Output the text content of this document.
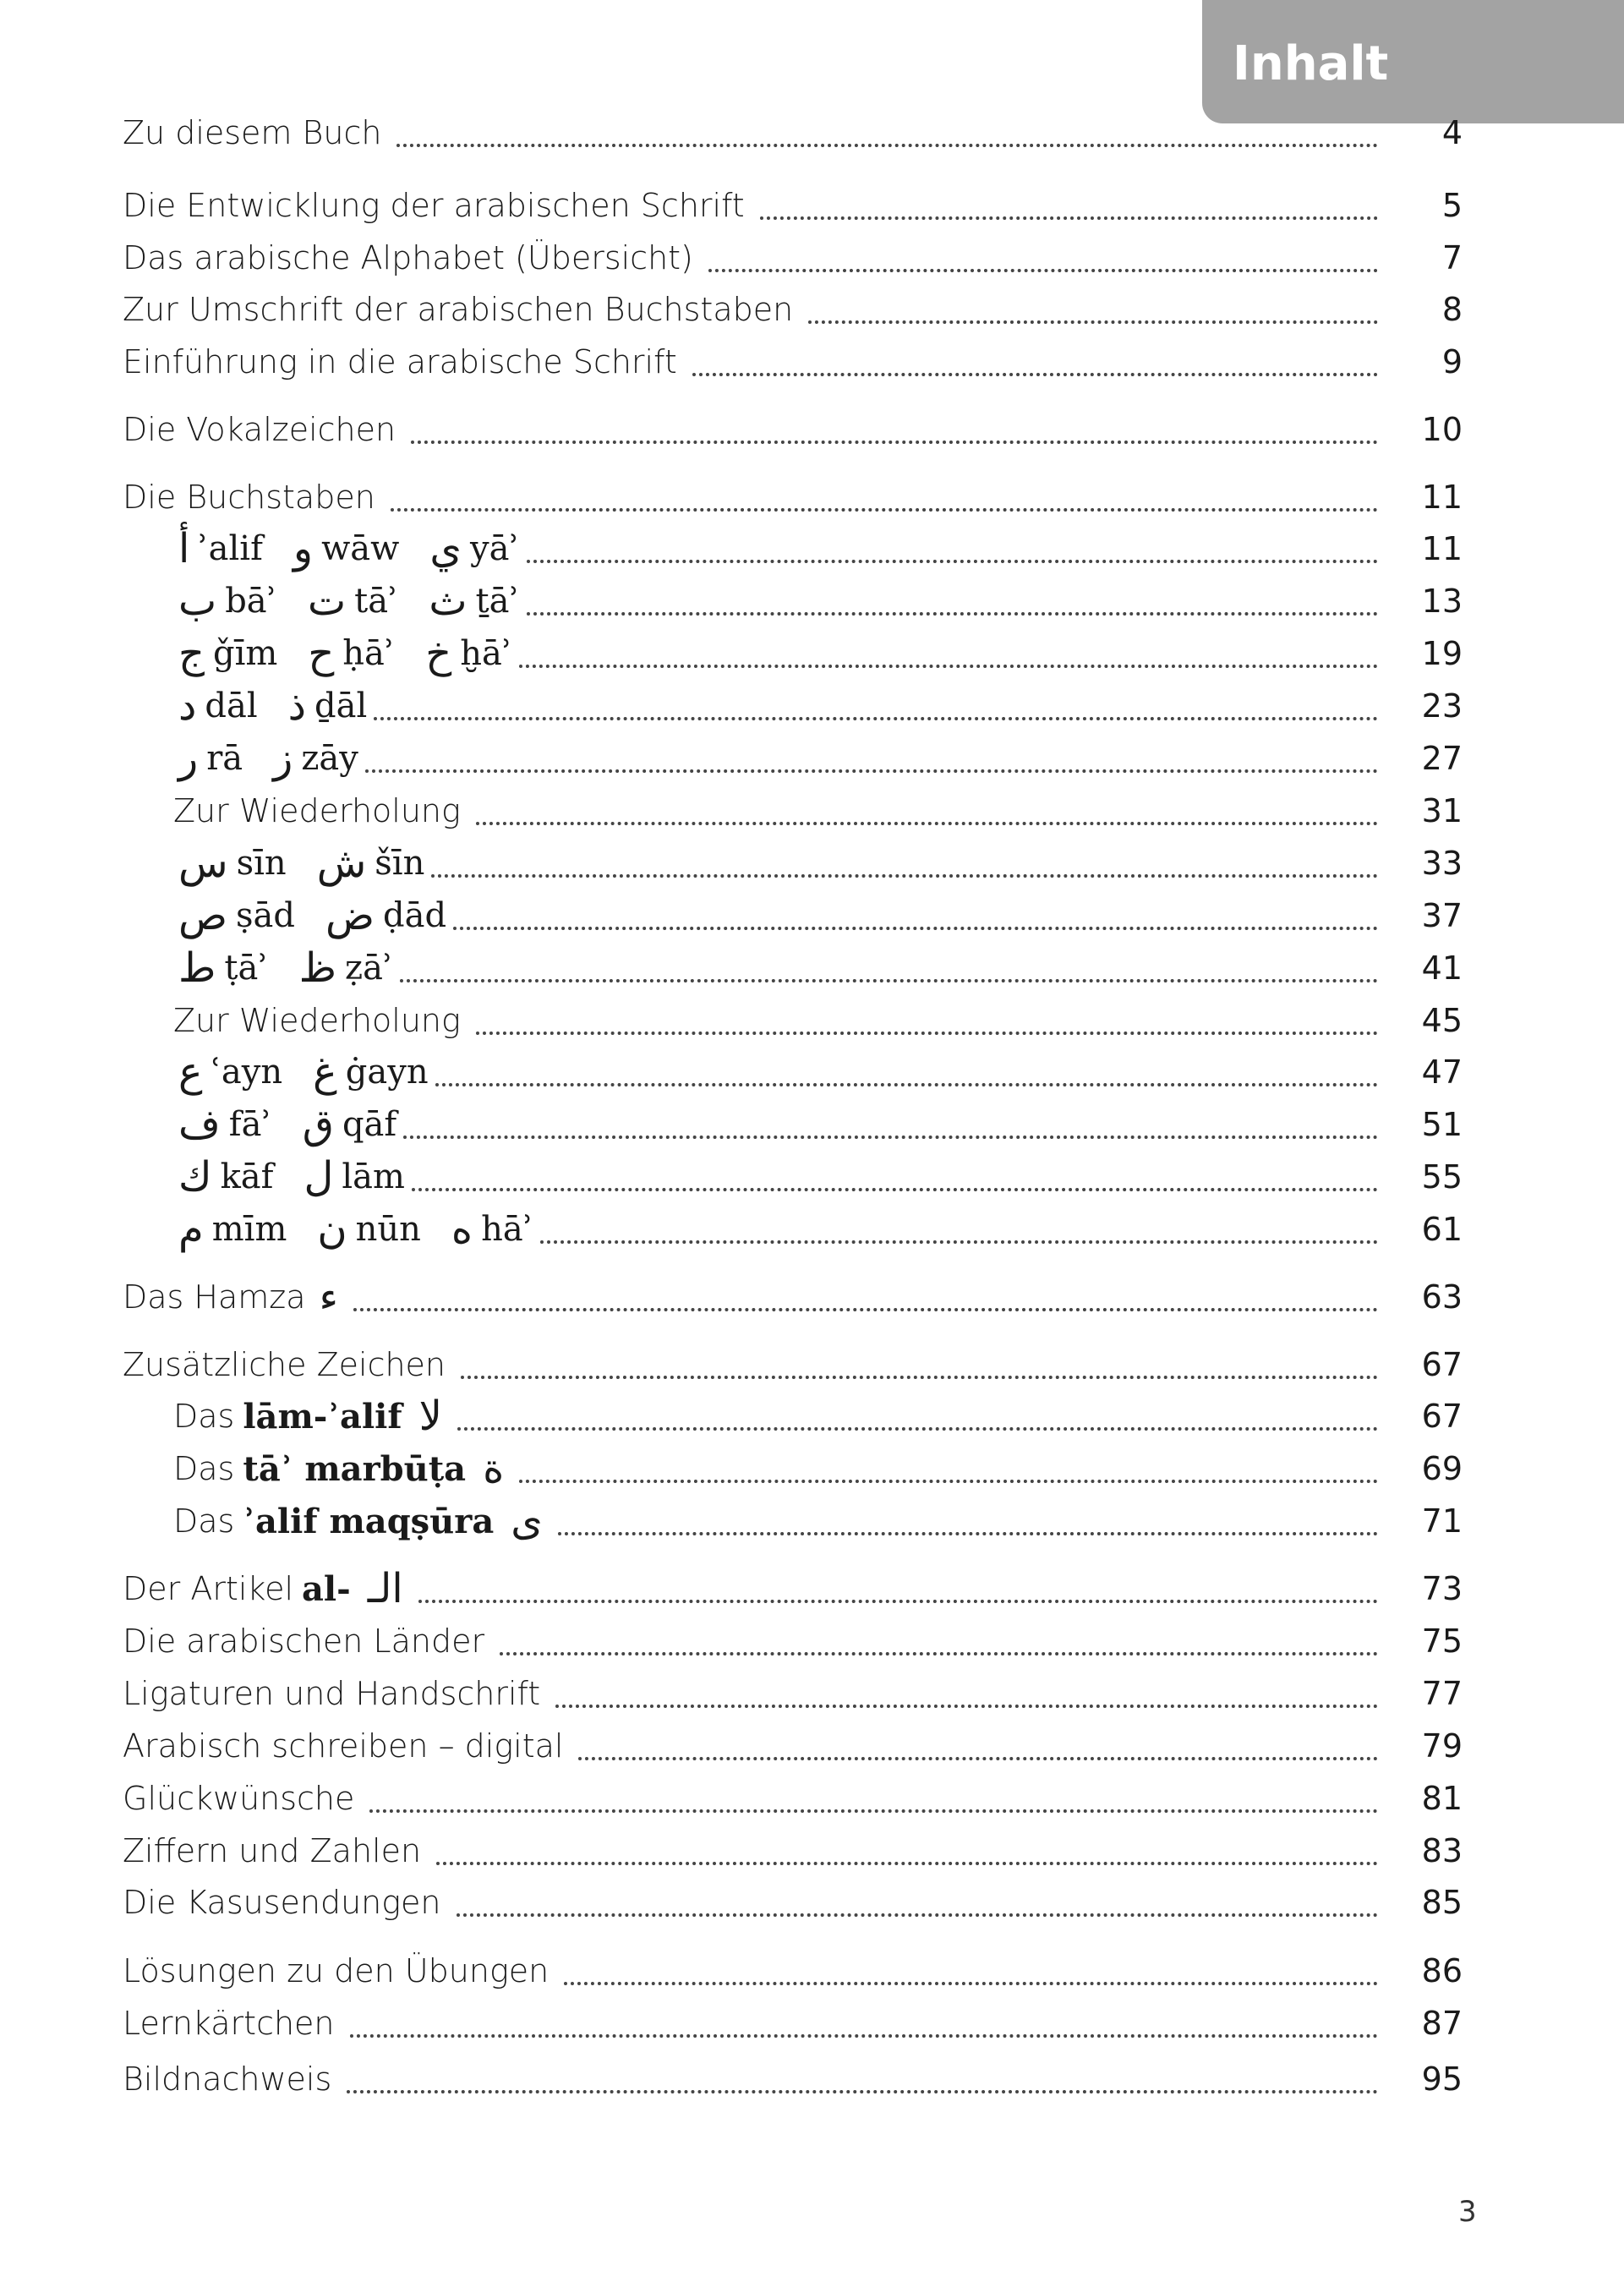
Inhalt
Zu diesem Buch	4
Die Entwicklung der arabischen Schrift	5
Das arabische Alphabet (Übersicht)	7
Zur Umschrift der arabischen Buchstaben	8
Einführung in die arabische Schrift	9
Die Vokalzeichen	10
Die Buchstaben	11
أ ʾalif و wāw ي yāʾ	11
ب bāʾ ت tāʾ ث ṯāʾ	13
ج ǧīm ح ḥāʾ خ ḫāʾ	19
د dāl ذ ḏāl	23
ر rā ز zāy	27
Zur Wiederholung	31
س sīn ش šīn	33
ص ṣād ض ḍād	37
ط ṭāʾ ظ ẓāʾ	41
Zur Wiederholung	45
ع ʿayn غ ġayn	47
ف fāʾ ق qāf	51
ك kāf ل lām	55
م mīm ن nūn ه hāʾ	61
Das Hamza ء	63
Zusätzliche Zeichen	67
Das lām-ʾalif لا	67
Das tāʾ marbūṭa ة	69
Das ʾalif maqṣūra ى	71
Der Artikel al- الـ	73
Die arabischen Länder	75
Ligaturen und Handschrift	77
Arabisch schreiben – digital	79
Glückwünsche	81
Ziffern und Zahlen	83
Die Kasusendungen	85
Lösungen zu den Übungen	86
Lernkärtchen	87
Bildnachweis	95
3
